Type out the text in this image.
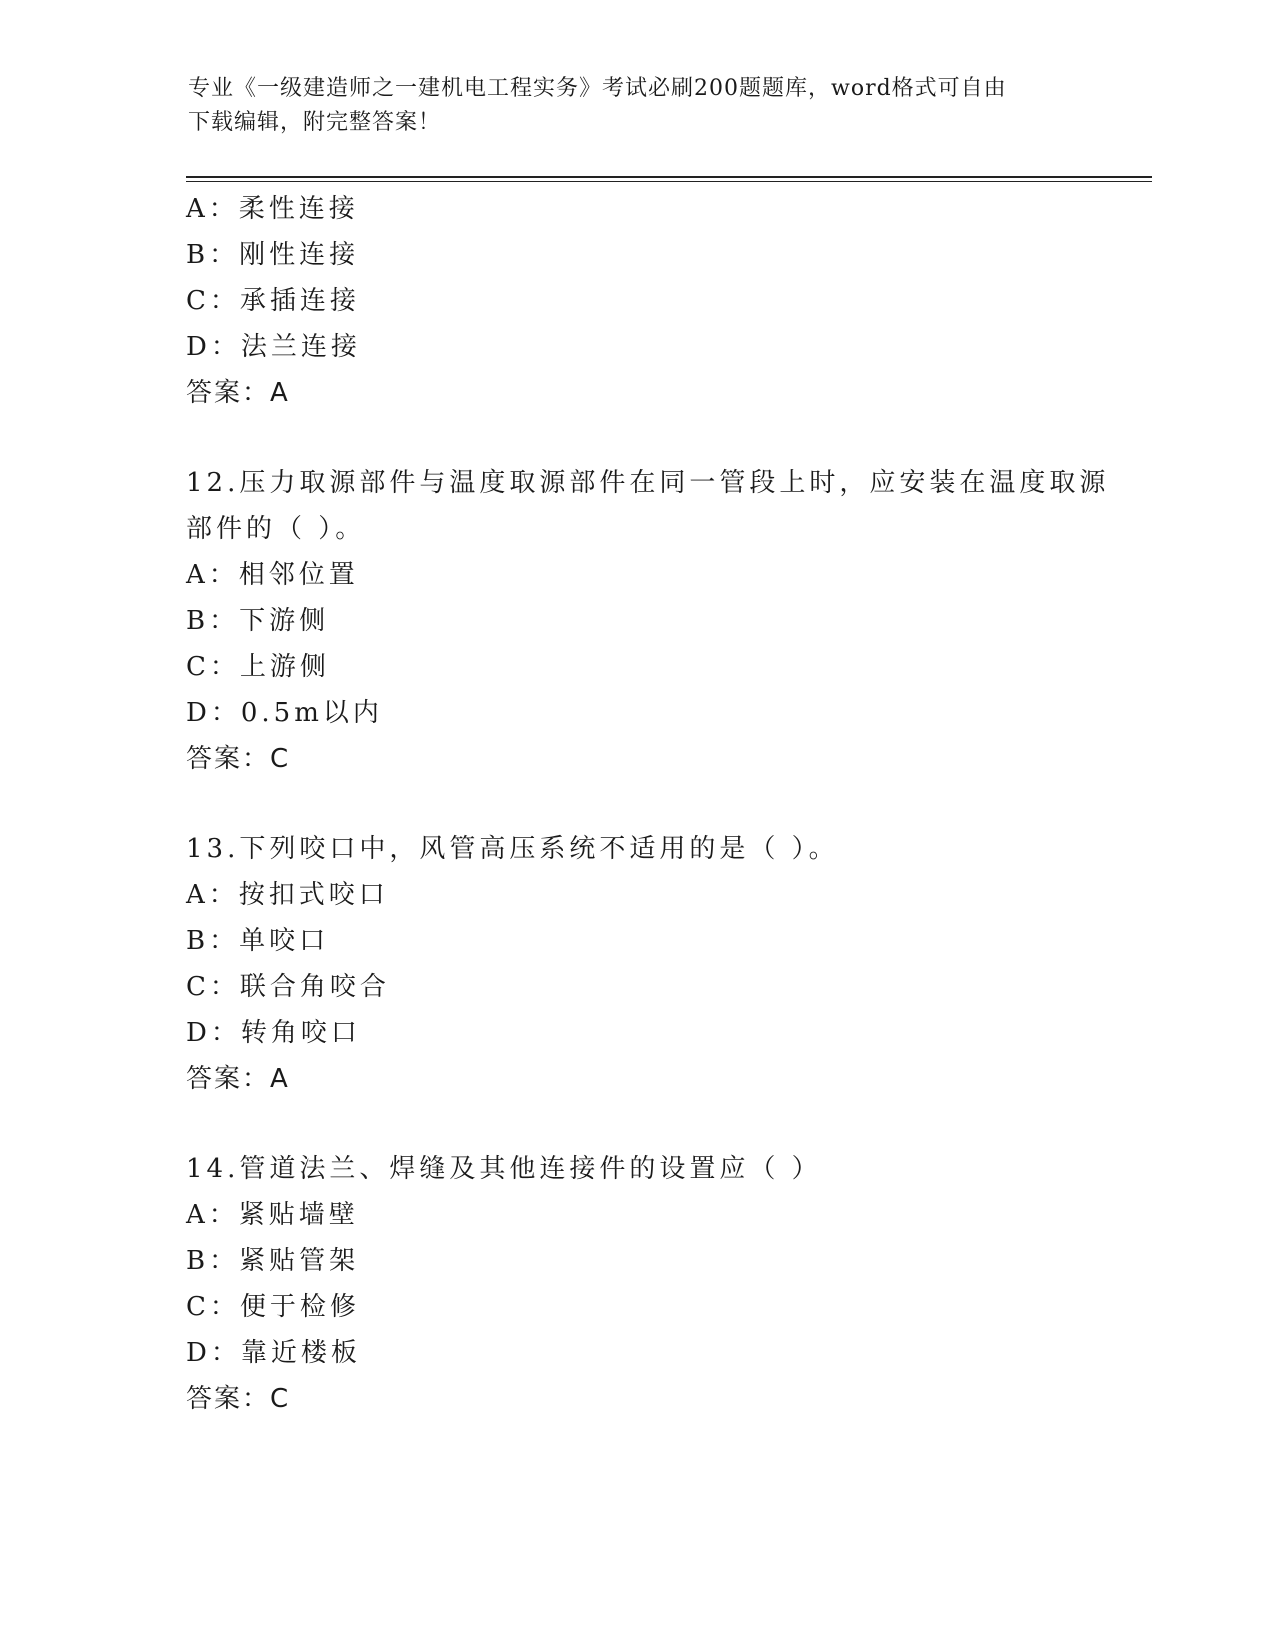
专业《一级建造师之一建机电工程实务》考试必刷200题题库，word格式可自由
下载编辑，附完整答案！
A：柔性连接
B：刚性连接
C：承插连接
D：法兰连接
答案：A
12.压力取源部件与温度取源部件在同一管段上时，应安装在温度取源部件的（ ）。
A：相邻位置
B：下游侧
C：上游侧
D：0.5m以内
答案：C
13.下列咬口中，风管高压系统不适用的是（ ）。
A：按扣式咬口
B：单咬口
C：联合角咬合
D：转角咬口
答案：A
14.管道法兰、焊缝及其他连接件的设置应（ ）
A：紧贴墙壁
B：紧贴管架
C：便于检修
D：靠近楼板
答案：C
